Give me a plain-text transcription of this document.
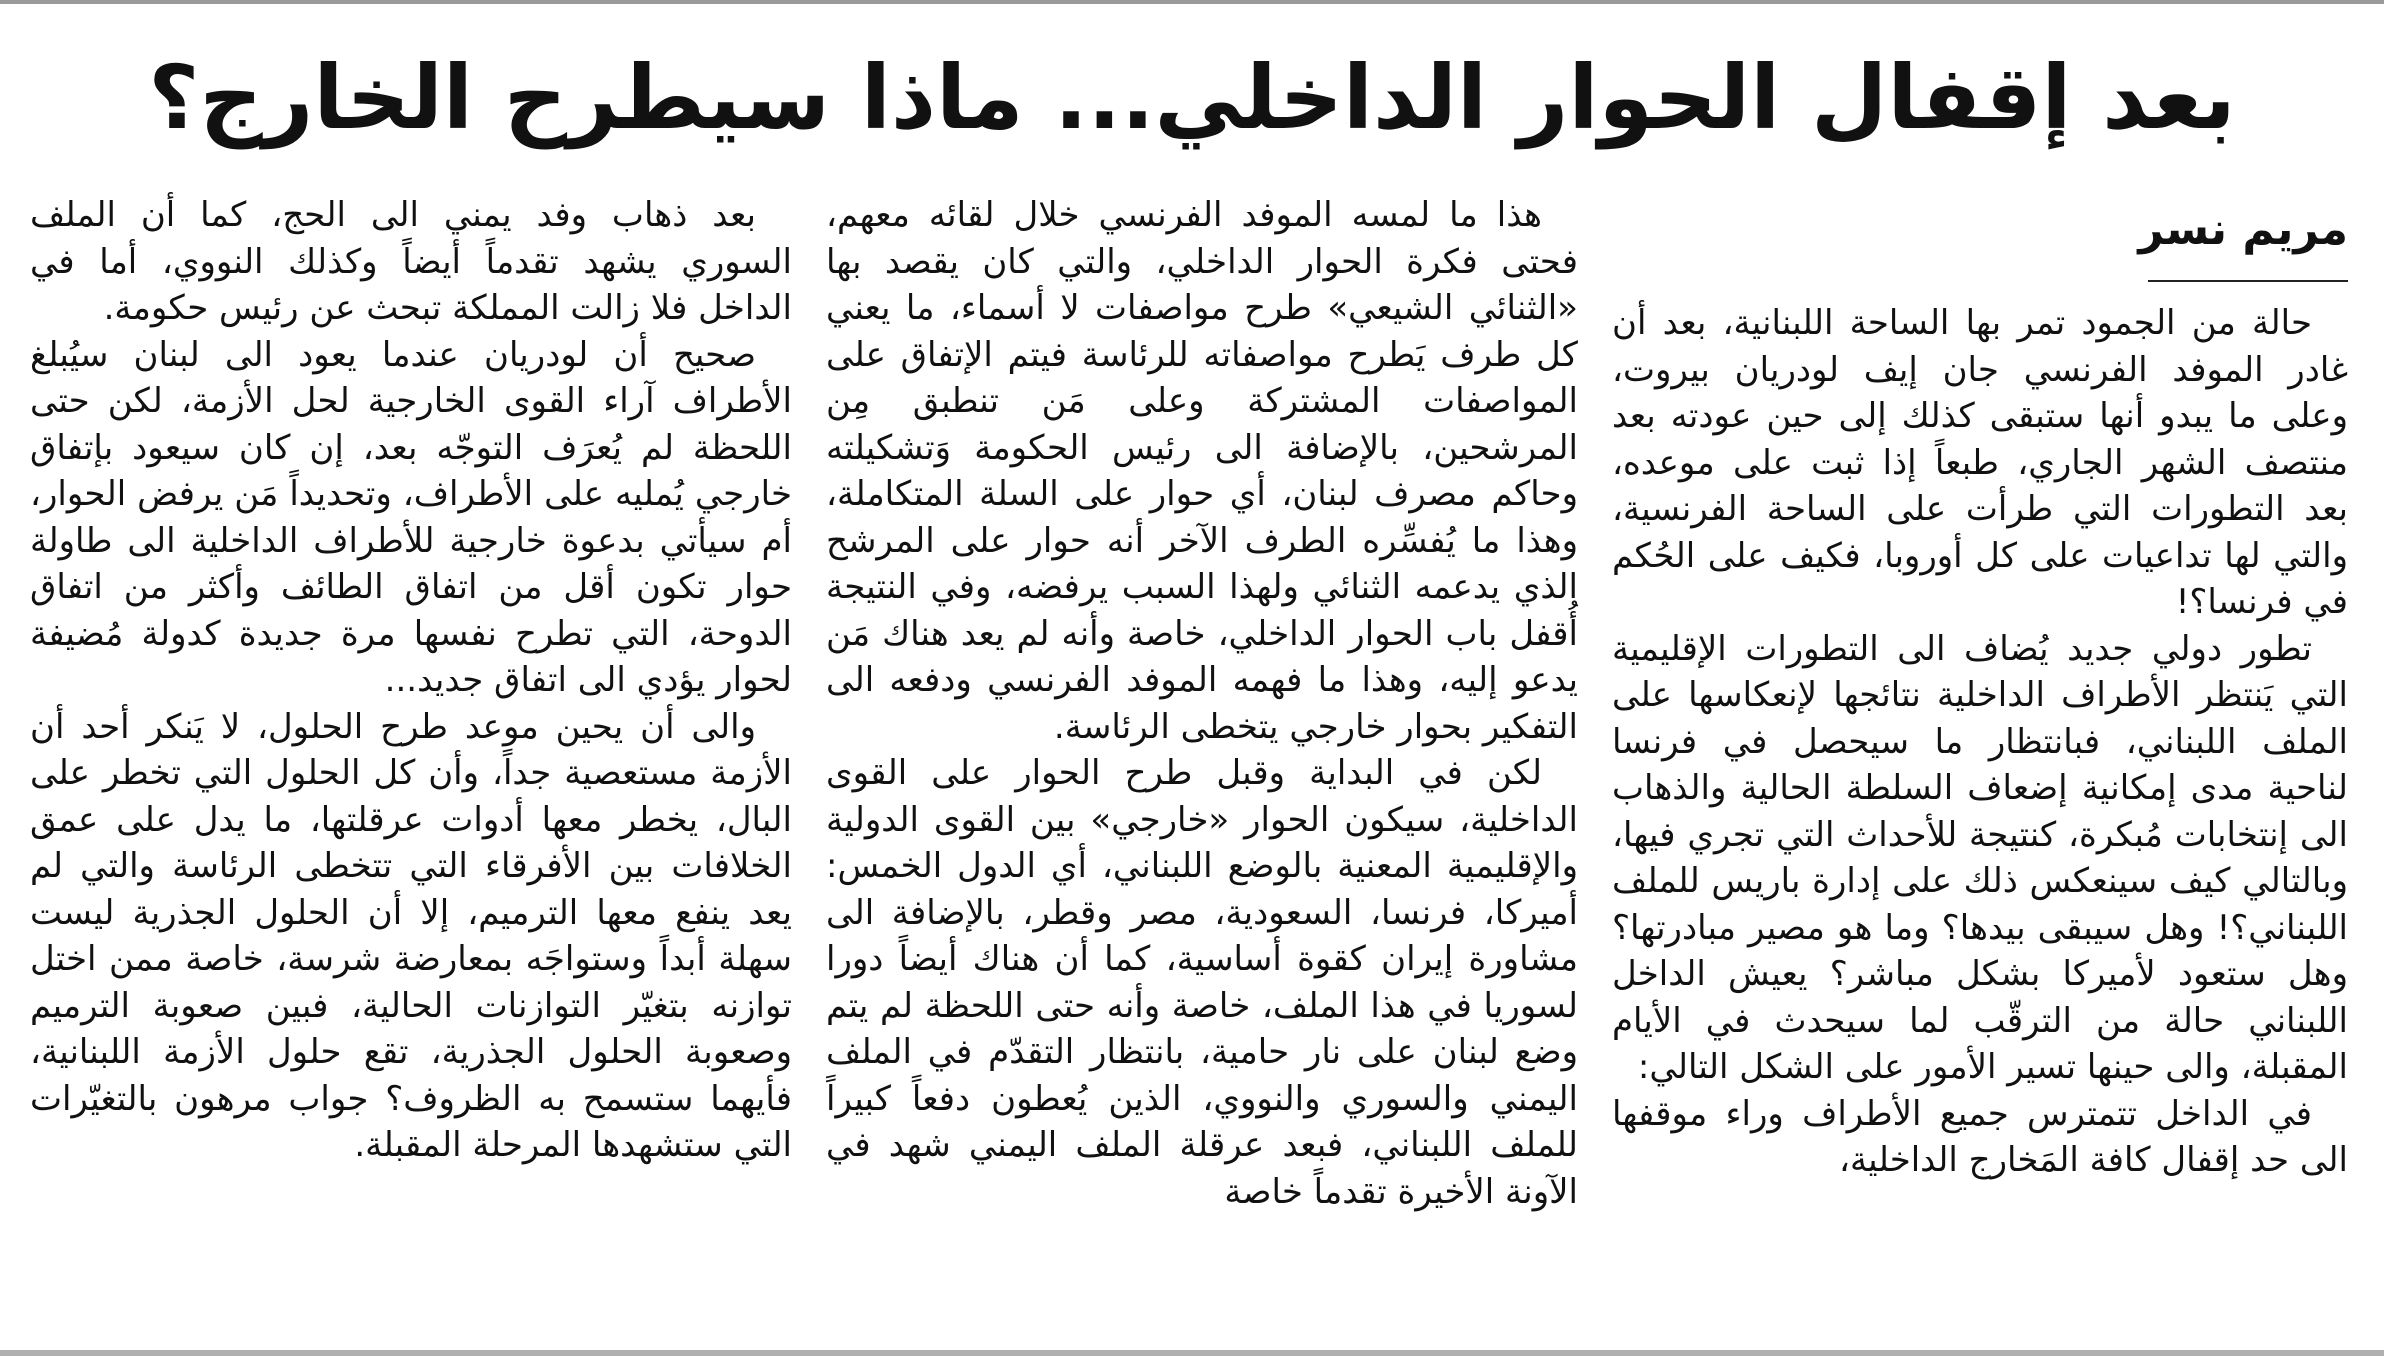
بعد إقفال الحوار الداخلي... ماذا سيطرح الخارج؟
مريم نسر

حالة من الجمود تمر بها الساحة اللبنانية، بعد أن غادر الموفد الفرنسي جان إيف لودريان بيروت، وعلى ما يبدو أنها ستبقى كذلك إلى حين عودته بعد منتصف الشهر الجاري، طبعاً إذا ثبت على موعده، بعد التطورات التي طرأت على الساحة الفرنسية، والتي لها تداعيات على كل أوروبا، فكيف على الحُكم في فرنسا؟!

تطور دولي جديد يُضاف الى التطورات الإقليمية التي يَنتظر الأطراف الداخلية نتائجها لإنعكاسها على الملف اللبناني، فبانتظار ما سيحصل في فرنسا لناحية مدى إمكانية إضعاف السلطة الحالية والذهاب الى إنتخابات مُبكرة، كنتيجة للأحداث التي تجري فيها، وبالتالي كيف سينعكس ذلك على إدارة باريس للملف اللبناني؟! وهل سيبقى بيدها؟ وما هو مصير مبادرتها؟ وهل ستعود لأميركا بشكل مباشر؟ يعيش الداخل اللبناني حالة من الترقّب لما سيحدث في الأيام المقبلة، والى حينها تسير الأمور على الشكل التالي:

في الداخل تتمترس جميع الأطراف وراء موقفها الى حد إقفال كافة المَخارج الداخلية،

هذا ما لمسه الموفد الفرنسي خلال لقائه معهم، فحتى فكرة الحوار الداخلي، والتي كان يقصد بها «الثنائي الشيعي» طرح مواصفات لا أسماء، ما يعني كل طرف يَطرح مواصفاته للرئاسة فيتم الإتفاق على المواصفات المشتركة وعلى مَن تنطبق مِن المرشحين، بالإضافة الى رئيس الحكومة وَتشكيلته وحاكم مصرف لبنان، أي حوار على السلة المتكاملة، وهذا ما يُفسِّره الطرف الآخر أنه حوار على المرشح الذي يدعمه الثنائي ولهذا السبب يرفضه، وفي النتيجة أُقفل باب الحوار الداخلي، خاصة وأنه لم يعد هناك مَن يدعو إليه، وهذا ما فهمه الموفد الفرنسي ودفعه الى التفكير بحوار خارجي يتخطى الرئاسة.

لكن في البداية وقبل طرح الحوار على القوى الداخلية، سيكون الحوار «خارجي» بين القوى الدولية والإقليمية المعنية بالوضع اللبناني، أي الدول الخمس: أميركا، فرنسا، السعودية، مصر وقطر، بالإضافة الى مشاورة إيران كقوة أساسية، كما أن هناك أيضاً دورا لسوريا في هذا الملف، خاصة وأنه حتى اللحظة لم يتم وضع لبنان على نار حامية، بانتظار التقدّم في الملف اليمني والسوري والنووي، الذين يُعطون دفعاً كبيراً للملف اللبناني، فبعد عرقلة الملف اليمني شهد في الآونة الأخيرة تقدماً خاصة

بعد ذهاب وفد يمني الى الحج، كما أن الملف السوري يشهد تقدماً أيضاً وكذلك النووي، أما في الداخل فلا زالت المملكة تبحث عن رئيس حكومة.

صحيح أن لودريان عندما يعود الى لبنان سيُبلغ الأطراف آراء القوى الخارجية لحل الأزمة، لكن حتى اللحظة لم يُعرَف التوجّه بعد، إن كان سيعود بإتفاق خارجي يُمليه على الأطراف، وتحديداً مَن يرفض الحوار، أم سيأتي بدعوة خارجية للأطراف الداخلية الى طاولة حوار تكون أقل من اتفاق الطائف وأكثر من اتفاق الدوحة، التي تطرح نفسها مرة جديدة كدولة مُضيفة لحوار يؤدي الى اتفاق جديد...

والى أن يحين موعد طرح الحلول، لا يَنكر أحد أن الأزمة مستعصية جداً، وأن كل الحلول التي تخطر على البال، يخطر معها أدوات عرقلتها، ما يدل على عمق الخلافات بين الأفرقاء التي تتخطى الرئاسة والتي لم يعد ينفع معها الترميم، إلا أن الحلول الجذرية ليست سهلة أبداً وستواجَه بمعارضة شرسة، خاصة ممن اختل توازنه بتغيّر التوازنات الحالية، فبين صعوبة الترميم وصعوبة الحلول الجذرية، تقع حلول الأزمة اللبنانية، فأيهما ستسمح به الظروف؟ جواب مرهون بالتغيّرات التي ستشهدها المرحلة المقبلة.
